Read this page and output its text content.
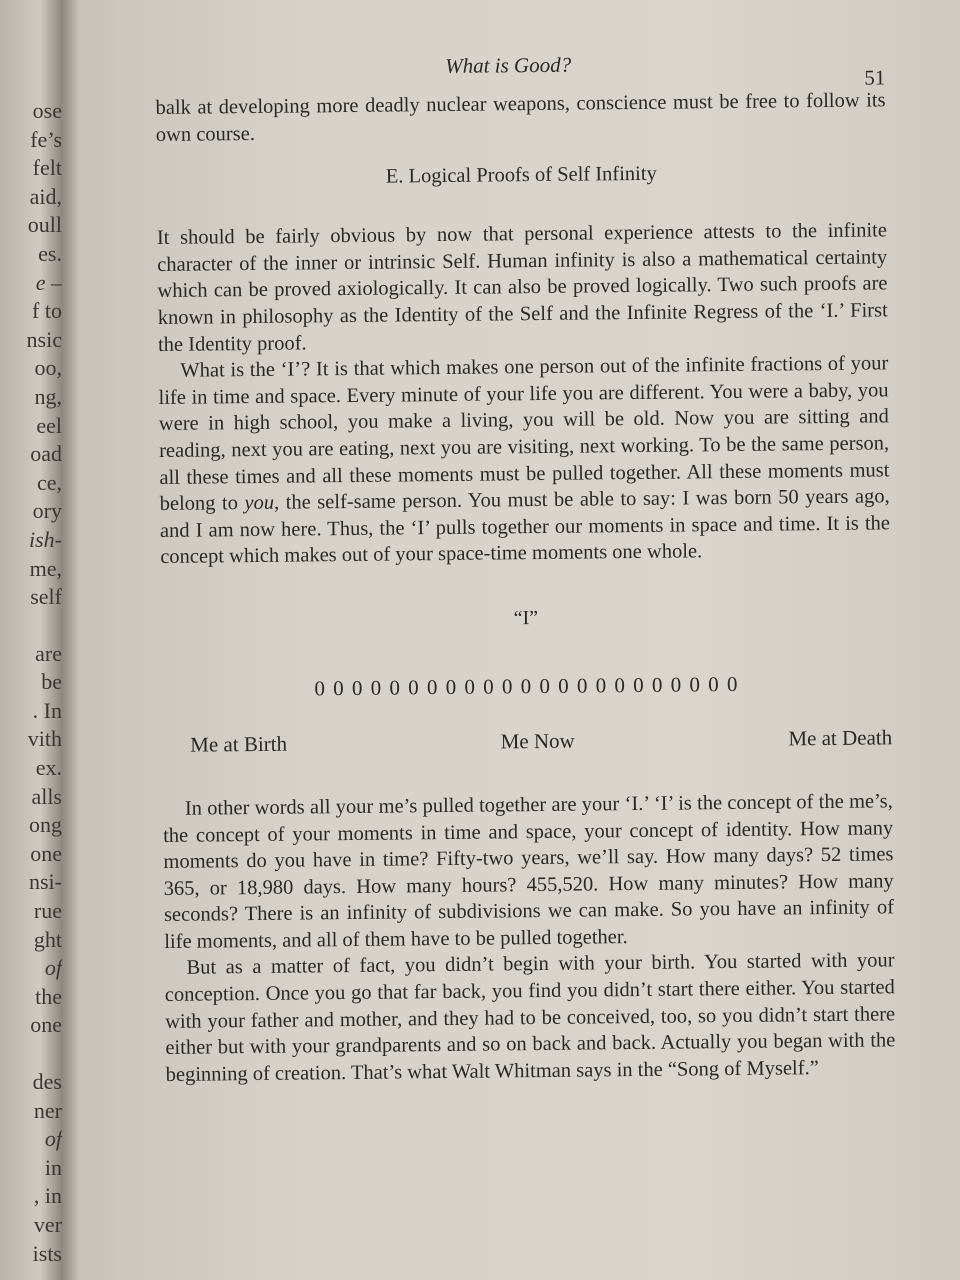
ose
fe’s
felt
aid,
oull
es.
e –
f to
nsic
oo,
ng,
eel
oad
ce,
ory
ish-
me,
self
are
be
. In
vith
ex.
alls
ong
one
nsi-
rue
ght
of
the
one
des
ner
of
in
, in
ver
ists
What is Good?	51

balk at developing more deadly nuclear weapons, conscience must be free to follow its own course.

E. Logical Proofs of Self Infinity

It should be fairly obvious by now that personal experience attests to the infinite character of the inner or intrinsic Self. Human infinity is also a mathematical certainty which can be proved axiologically. It can also be proved logically. Two such proofs are known in philosophy as the Identity of the Self and the Infinite Regress of the ‘I.’ First the Identity proof.

What is the ‘I’? It is that which makes one person out of the infinite fractions of your life in time and space. Every minute of your life you are different. You were a baby, you were in high school, you make a living, you will be old. Now you are sitting and reading, next you are eating, next you are visiting, next working. To be the same person, all these times and all these moments must be pulled together. All these moments must belong to you, the self-same person. You must be able to say: I was born 50 years ago, and I am now here. Thus, the ‘I’ pulls together our moments in space and time. It is the concept which makes out of your space-time moments one whole.

“I”
0 0 0 0 0 0 0 0 0 0 0 0 0 0 0 0 0 0 0 0 0 0 0
Me at Birth	Me Now	Me at Death

In other words all your me’s pulled together are your ‘I.’ ‘I’ is the concept of the me’s, the concept of your moments in time and space, your concept of identity. How many moments do you have in time? Fifty-two years, we’ll say. How many days? 52 times 365, or 18,980 days. How many hours? 455,520. How many minutes? How many seconds? There is an infinity of subdivisions we can make. So you have an infinity of life moments, and all of them have to be pulled together.

But as a matter of fact, you didn’t begin with your birth. You started with your conception. Once you go that far back, you find you didn’t start there either. You started with your father and mother, and they had to be conceived, too, so you didn’t start there either but with your grandparents and so on back and back. Actually you began with the beginning of creation. That’s what Walt Whitman says in the “Song of Myself.”
